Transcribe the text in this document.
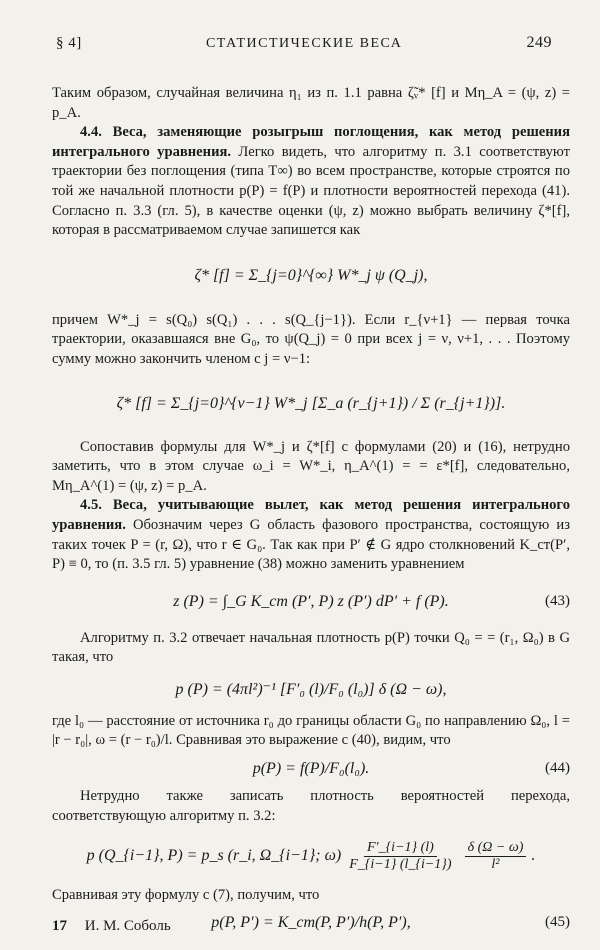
§ 4]	СТАТИСТИЧЕСКИЕ ВЕСА	249

Таким образом, случайная величина η₁ из п. 1.1 равна ζ̃ᵥ* [f] и Mη_A = (ψ, z) = p_A.

4.4. Веса, заменяющие розыгрыш поглощения, как метод решения интегрального уравнения. Легко видеть, что алгоритму п. 3.1 соответствуют траектории без поглощения (типа T∞) во всем пространстве, которые строятся по той же начальной плотности p(P) = f(P) и плотности вероятностей перехода (41). Согласно п. 3.3 (гл. 5), в качестве оценки (ψ, z) можно выбрать величину ζ*[f], которая в рассматриваемом случае запишется как

ζ* [f] = Σ_{j=0}^{∞} W*_j ψ (Q_j),

причем W*_j = s(Q₀) s(Q₁) . . . s(Q_{j−1}). Если r_{ν+1} — первая точка траектории, оказавшаяся вне G₀, то ψ(Q_j) = 0 при всех j = ν, ν+1, . . . Поэтому сумму можно закончить членом с j = ν−1:

ζ* [f] = Σ_{j=0}^{ν−1} W*_j [Σ_a (r_{j+1}) / Σ (r_{j+1})].

Сопоставив формулы для W*_j и ζ*[f] с формулами (20) и (16), нетрудно заметить, что в этом случае ω_i = W*_i, η_A^(1) = = ε*[f], следовательно, Mη_A^(1) = (ψ, z) = p_A.

4.5. Веса, учитывающие вылет, как метод решения интегрального уравнения. Обозначим через G область фазового пространства, состоящую из таких точек P = (r, Ω), что r ∈ G₀. Так как при P′ ∉ G ядро столкновений K_ст(P′, P) ≡ 0, то (п. 3.5 гл. 5) уравнение (38) можно заменить уравнением

z (P) = ∫_G K_ст (P′, P) z (P′) dP′ + f (P).	(43)

Алгоритму п. 3.2 отвечает начальная плотность p(P) точки Q₀ = = (r₁, Ω₀) в G такая, что

p (P) = (4πl²)⁻¹ [F′₀ (l)/F₀ (l₀)] δ (Ω − ω),

где l₀ — расстояние от источника r₀ до границы области G₀ по направлению Ω₀, l = |r − r₀|, ω = (r − r₀)/l. Сравнивая это выражение с (40), видим, что

p(P) = f(P)/F₀(l₀).	(44)

Нетрудно также записать плотность вероятностей перехода, соответствующую алгоритму п. 3.2:

p (Q_{i−1}, P) = p_s (r_i, Ω_{i−1}; $\omega) \frac{F'\_\{i-1\} (l)}{F\_\{i-1\} (l\_\{i-1\})} \frac{\delta (\Omega - \omega)}{\text{l²}}$ .

Сравнивая эту формулу с (7), получим, что

p(P, P′) = K_ст(P, P′)/h(P, P′),	(45)
17 И. М. Соболь
